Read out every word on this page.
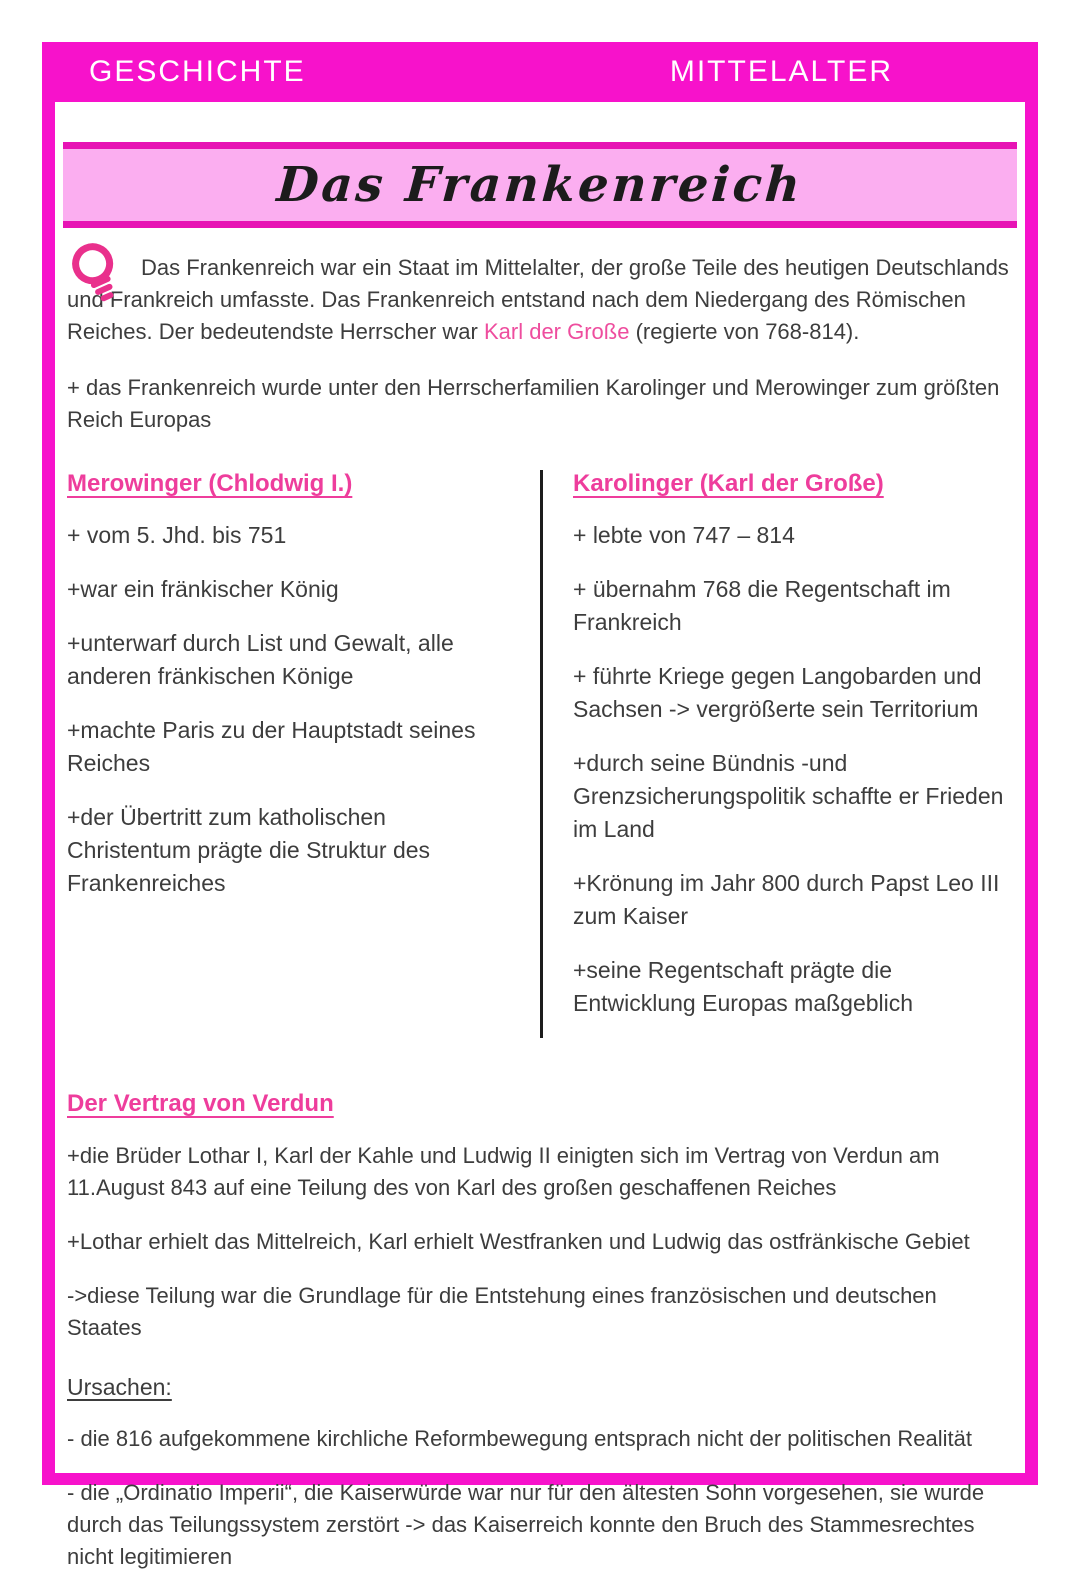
GESCHICHTE	MITTELALTER
Das Frankenreich

Das Frankenreich war ein Staat im Mittelalter, der große Teile des heutigen Deutschlands und Frankreich umfasste. Das Frankenreich entstand nach dem Niedergang des Römischen Reiches. Der bedeutendste Herrscher war Karl der Große (regierte von 768-814).

+ das Frankenreich wurde unter den Herrscherfamilien Karolinger und Merowinger zum größten Reich Europas

Merowinger (Chlodwig I.)

+ vom 5. Jhd. bis 751

+war ein fränkischer König

+unterwarf durch List und Gewalt, alle anderen fränkischen Könige

+machte Paris zu der Hauptstadt seines Reiches

+der Übertritt zum katholischen Christentum prägte die Struktur des Frankenreiches

Karolinger (Karl der Große)

+ lebte von 747 – 814

+ übernahm 768 die Regentschaft im Frankreich

+ führte Kriege gegen Langobarden und Sachsen -> vergrößerte sein Territorium

+durch seine Bündnis -und Grenzsicherungspolitik schaffte er Frieden im Land

+Krönung im Jahr 800 durch Papst Leo III zum Kaiser

+seine Regentschaft prägte die Entwicklung Europas maßgeblich

Der Vertrag von Verdun

+die Brüder Lothar I, Karl der Kahle und Ludwig II einigten sich im Vertrag von Verdun am 11.August 843 auf eine Teilung des von Karl des großen geschaffenen Reiches

+Lothar erhielt das Mittelreich, Karl erhielt Westfranken und Ludwig das ostfränkische Gebiet

->diese Teilung war die Grundlage für die Entstehung eines französischen und deutschen Staates

Ursachen:

- die 816 aufgekommene kirchliche Reformbewegung entsprach nicht der politischen Realität

- die „Ordinatio Imperii“, die Kaiserwürde war nur für den ältesten Sohn vorgesehen, sie wurde durch das Teilungssystem zerstört -> das Kaiserreich konnte den Bruch des Stammesrechtes nicht legitimieren
